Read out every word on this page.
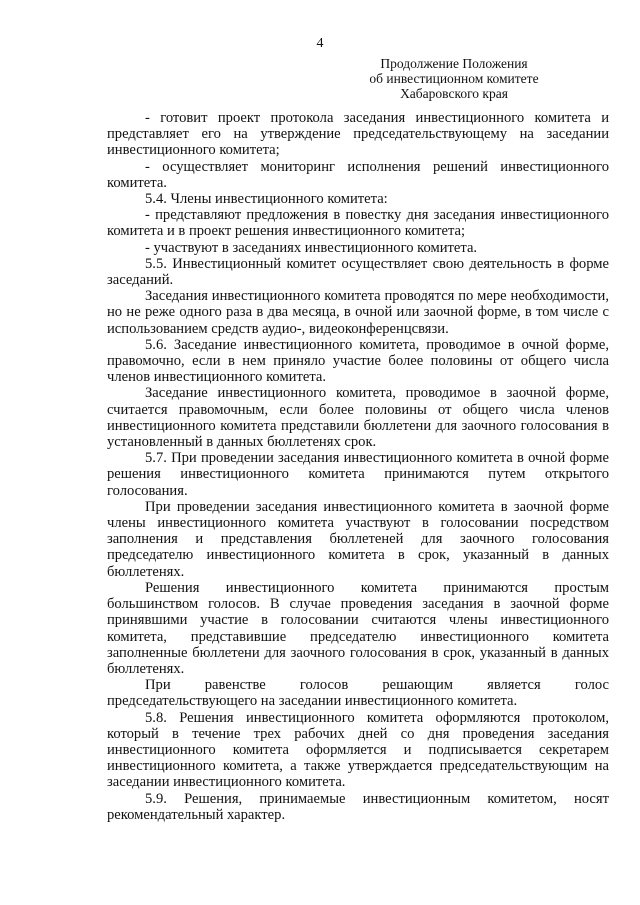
4
Продолжение Положения
об инвестиционном комитете
Хабаровского края

- готовит проект протокола заседания инвестиционного комитета и представляет его на утверждение председательствующему на заседании инвестиционного комитета;

- осуществляет мониторинг исполнения решений инвестиционного комитета.

5.4. Члены инвестиционного комитета:

- представляют предложения в повестку дня заседания инвестиционного комитета и в проект решения инвестиционного комитета;

- участвуют в заседаниях инвестиционного комитета.

5.5. Инвестиционный комитет осуществляет свою деятельность в форме заседаний.

Заседания инвестиционного комитета проводятся по мере необходимости, но не реже одного раза в два месяца, в очной или заочной форме, в том числе с использованием средств аудио-, видеоконференцсвязи.

5.6. Заседание инвестиционного комитета, проводимое в очной форме, правомочно, если в нем приняло участие более половины от общего числа членов инвестиционного комитета.

Заседание инвестиционного комитета, проводимое в заочной форме, считается правомочным, если более половины от общего числа членов инвестиционного комитета представили бюллетени для заочного голосования в установленный в данных бюллетенях срок.

5.7. При проведении заседания инвестиционного комитета в очной форме решения инвестиционного комитета принимаются путем открытого голосования.

При проведении заседания инвестиционного комитета в заочной форме члены инвестиционного комитета участвуют в голосовании посредством заполнения и представления бюллетеней для заочного голосования председателю инвестиционного комитета в срок, указанный в данных бюллетенях.

Решения инвестиционного комитета принимаются простым большинством голосов. В случае проведения заседания в заочной форме принявшими участие в голосовании считаются члены инвестиционного комитета, представившие председателю инвестиционного комитета заполненные бюллетени для заочного голосования в срок, указанный в данных бюллетенях.

При равенстве голосов решающим является голос председательствующего на заседании инвестиционного комитета.

5.8. Решения инвестиционного комитета оформляются протоколом, который в течение трех рабочих дней со дня проведения заседания инвестиционного комитета оформляется и подписывается секретарем инвестиционного комитета, а также утверждается председательствующим на заседании инвестиционного комитета.

5.9. Решения, принимаемые инвестиционным комитетом, носят рекомендательный характер.
